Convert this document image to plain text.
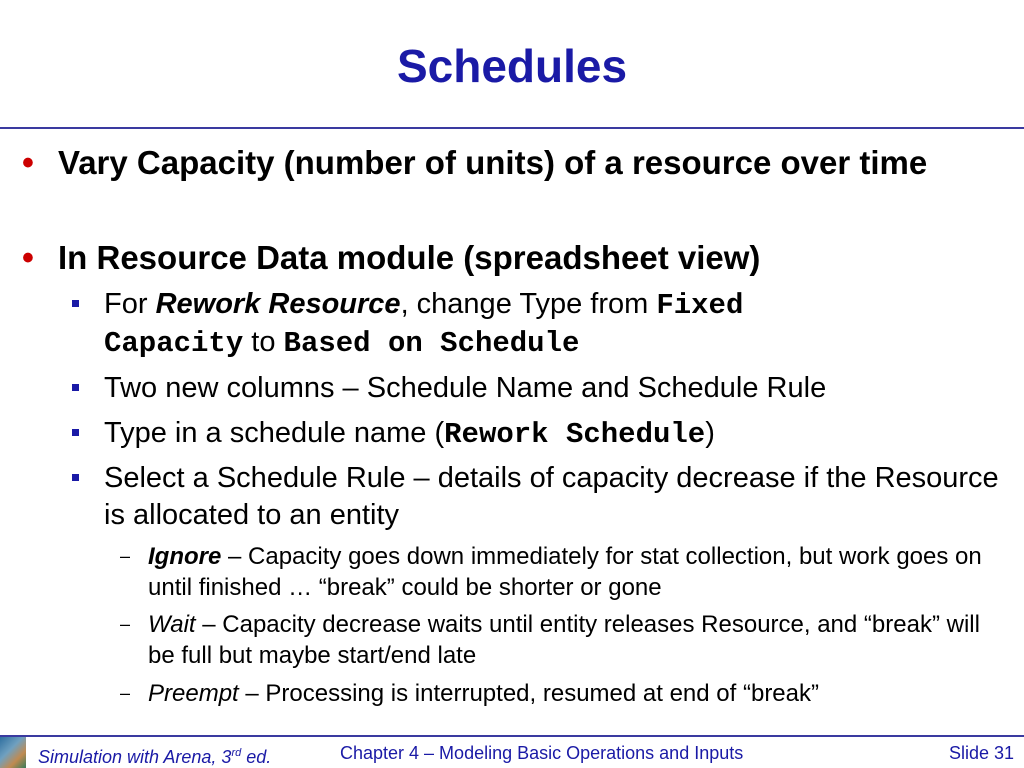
Schedules
• Vary Capacity (number of units) of a resource over time
• In Resource Data module (spreadsheet view)
For Rework Resource, change Type from Fixed Capacity to Based on Schedule
Two new columns – Schedule Name and Schedule Rule
Type in a schedule name (Rework Schedule)
Select a Schedule Rule – details of capacity decrease if the Resource is allocated to an entity
– Ignore – Capacity goes down immediately for stat collection, but work goes on until finished … “break” could be shorter or gone
– Wait – Capacity decrease waits until entity releases Resource, and “break” will be full but maybe start/end late
– Preempt – Processing is interrupted, resumed at end of “break”
Simulation with Arena, 3rd ed.	Chapter 4 – Modeling Basic Operations and Inputs	Slide 31
